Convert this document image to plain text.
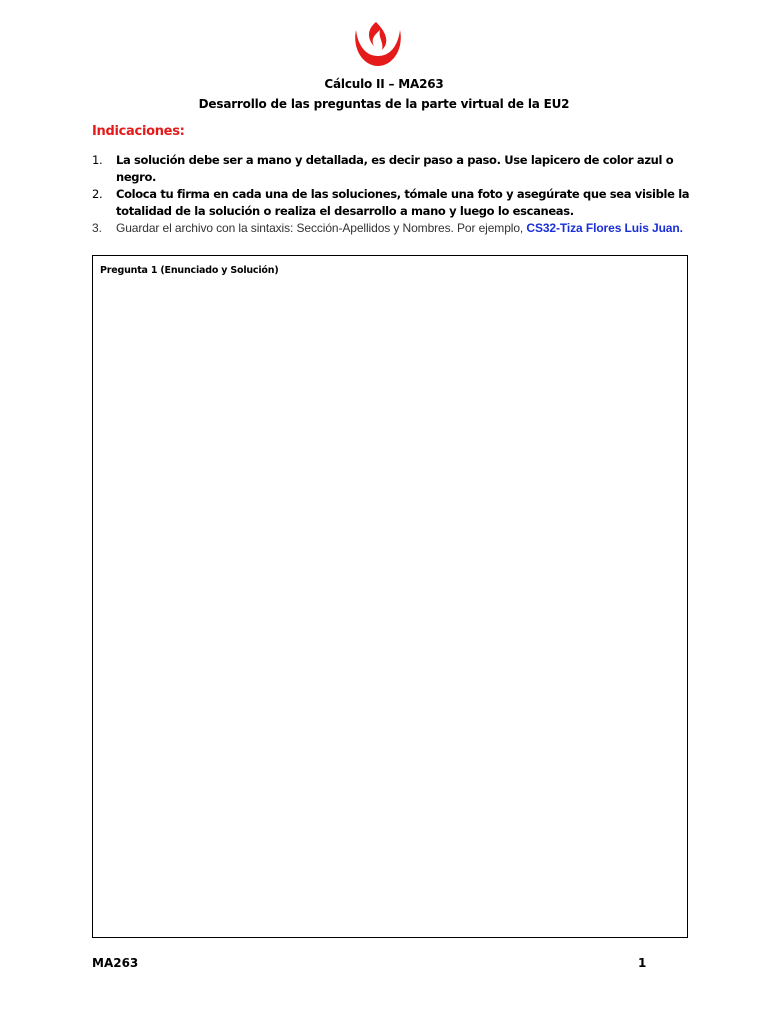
Cálculo II – MA263
Desarrollo de las preguntas de la parte virtual de la EU2
Indicaciones:
1. La solución debe ser a mano y detallada, es decir paso a paso. Use lapicero de color azul o negro.
2. Coloca tu firma en cada una de las soluciones, tómale una foto y asegúrate que sea visible la totalidad de la solución o realiza el desarrollo a mano y luego lo escaneas.
3. Guardar el archivo con la sintaxis: Sección-Apellidos y Nombres. Por ejemplo, CS32-Tiza Flores Luis Juan.
Pregunta 1 (Enunciado y Solución)
MA263	1
